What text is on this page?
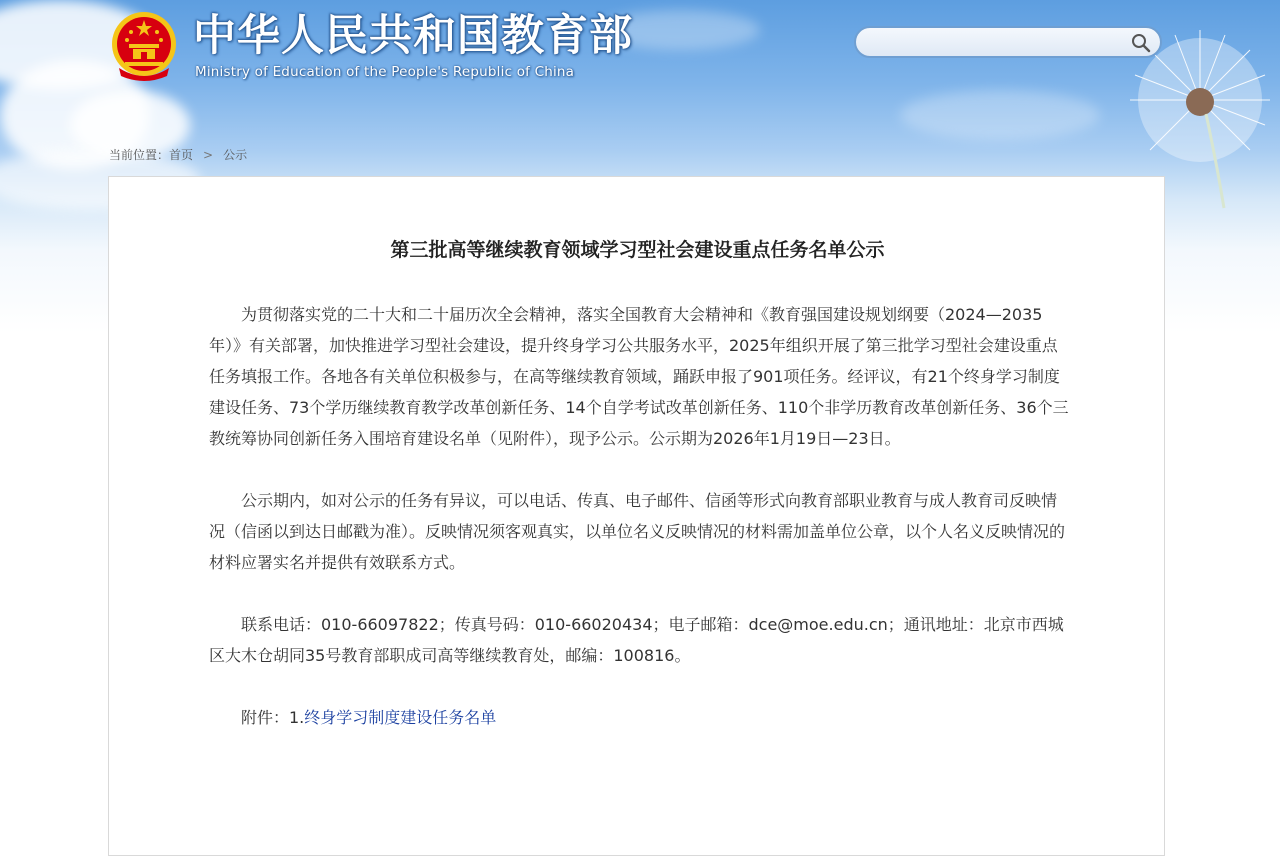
中华人民共和国教育部
Ministry of Education of the People's Republic of China
当前位置：首页 > 公示
第三批高等继续教育领域学习型社会建设重点任务名单公示

为贯彻落实党的二十大和二十届历次全会精神，落实全国教育大会精神和《教育强国建设规划纲要（2024—2035年）》有关部署，加快推进学习型社会建设，提升终身学习公共服务水平，2025年组织开展了第三批学习型社会建设重点任务填报工作。各地各有关单位积极参与，在高等继续教育领域，踊跃申报了901项任务。经评议，有21个终身学习制度建设任务、73个学历继续教育教学改革创新任务、14个自学考试改革创新任务、110个非学历教育改革创新任务、36个三教统筹协同创新任务入围培育建设名单（见附件），现予公示。公示期为2026年1月19日—23日。

公示期内，如对公示的任务有异议，可以电话、传真、电子邮件、信函等形式向教育部职业教育与成人教育司反映情况（信函以到达日邮戳为准）。反映情况须客观真实，以单位名义反映情况的材料需加盖单位公章，以个人名义反映情况的材料应署实名并提供有效联系方式。

联系电话：010-66097822；传真号码：010-66020434；电子邮箱：dce@moe.edu.cn；通讯地址：北京市西城区大木仓胡同35号教育部职成司高等继续教育处，邮编：100816。

附件：1.终身学习制度建设任务名单
